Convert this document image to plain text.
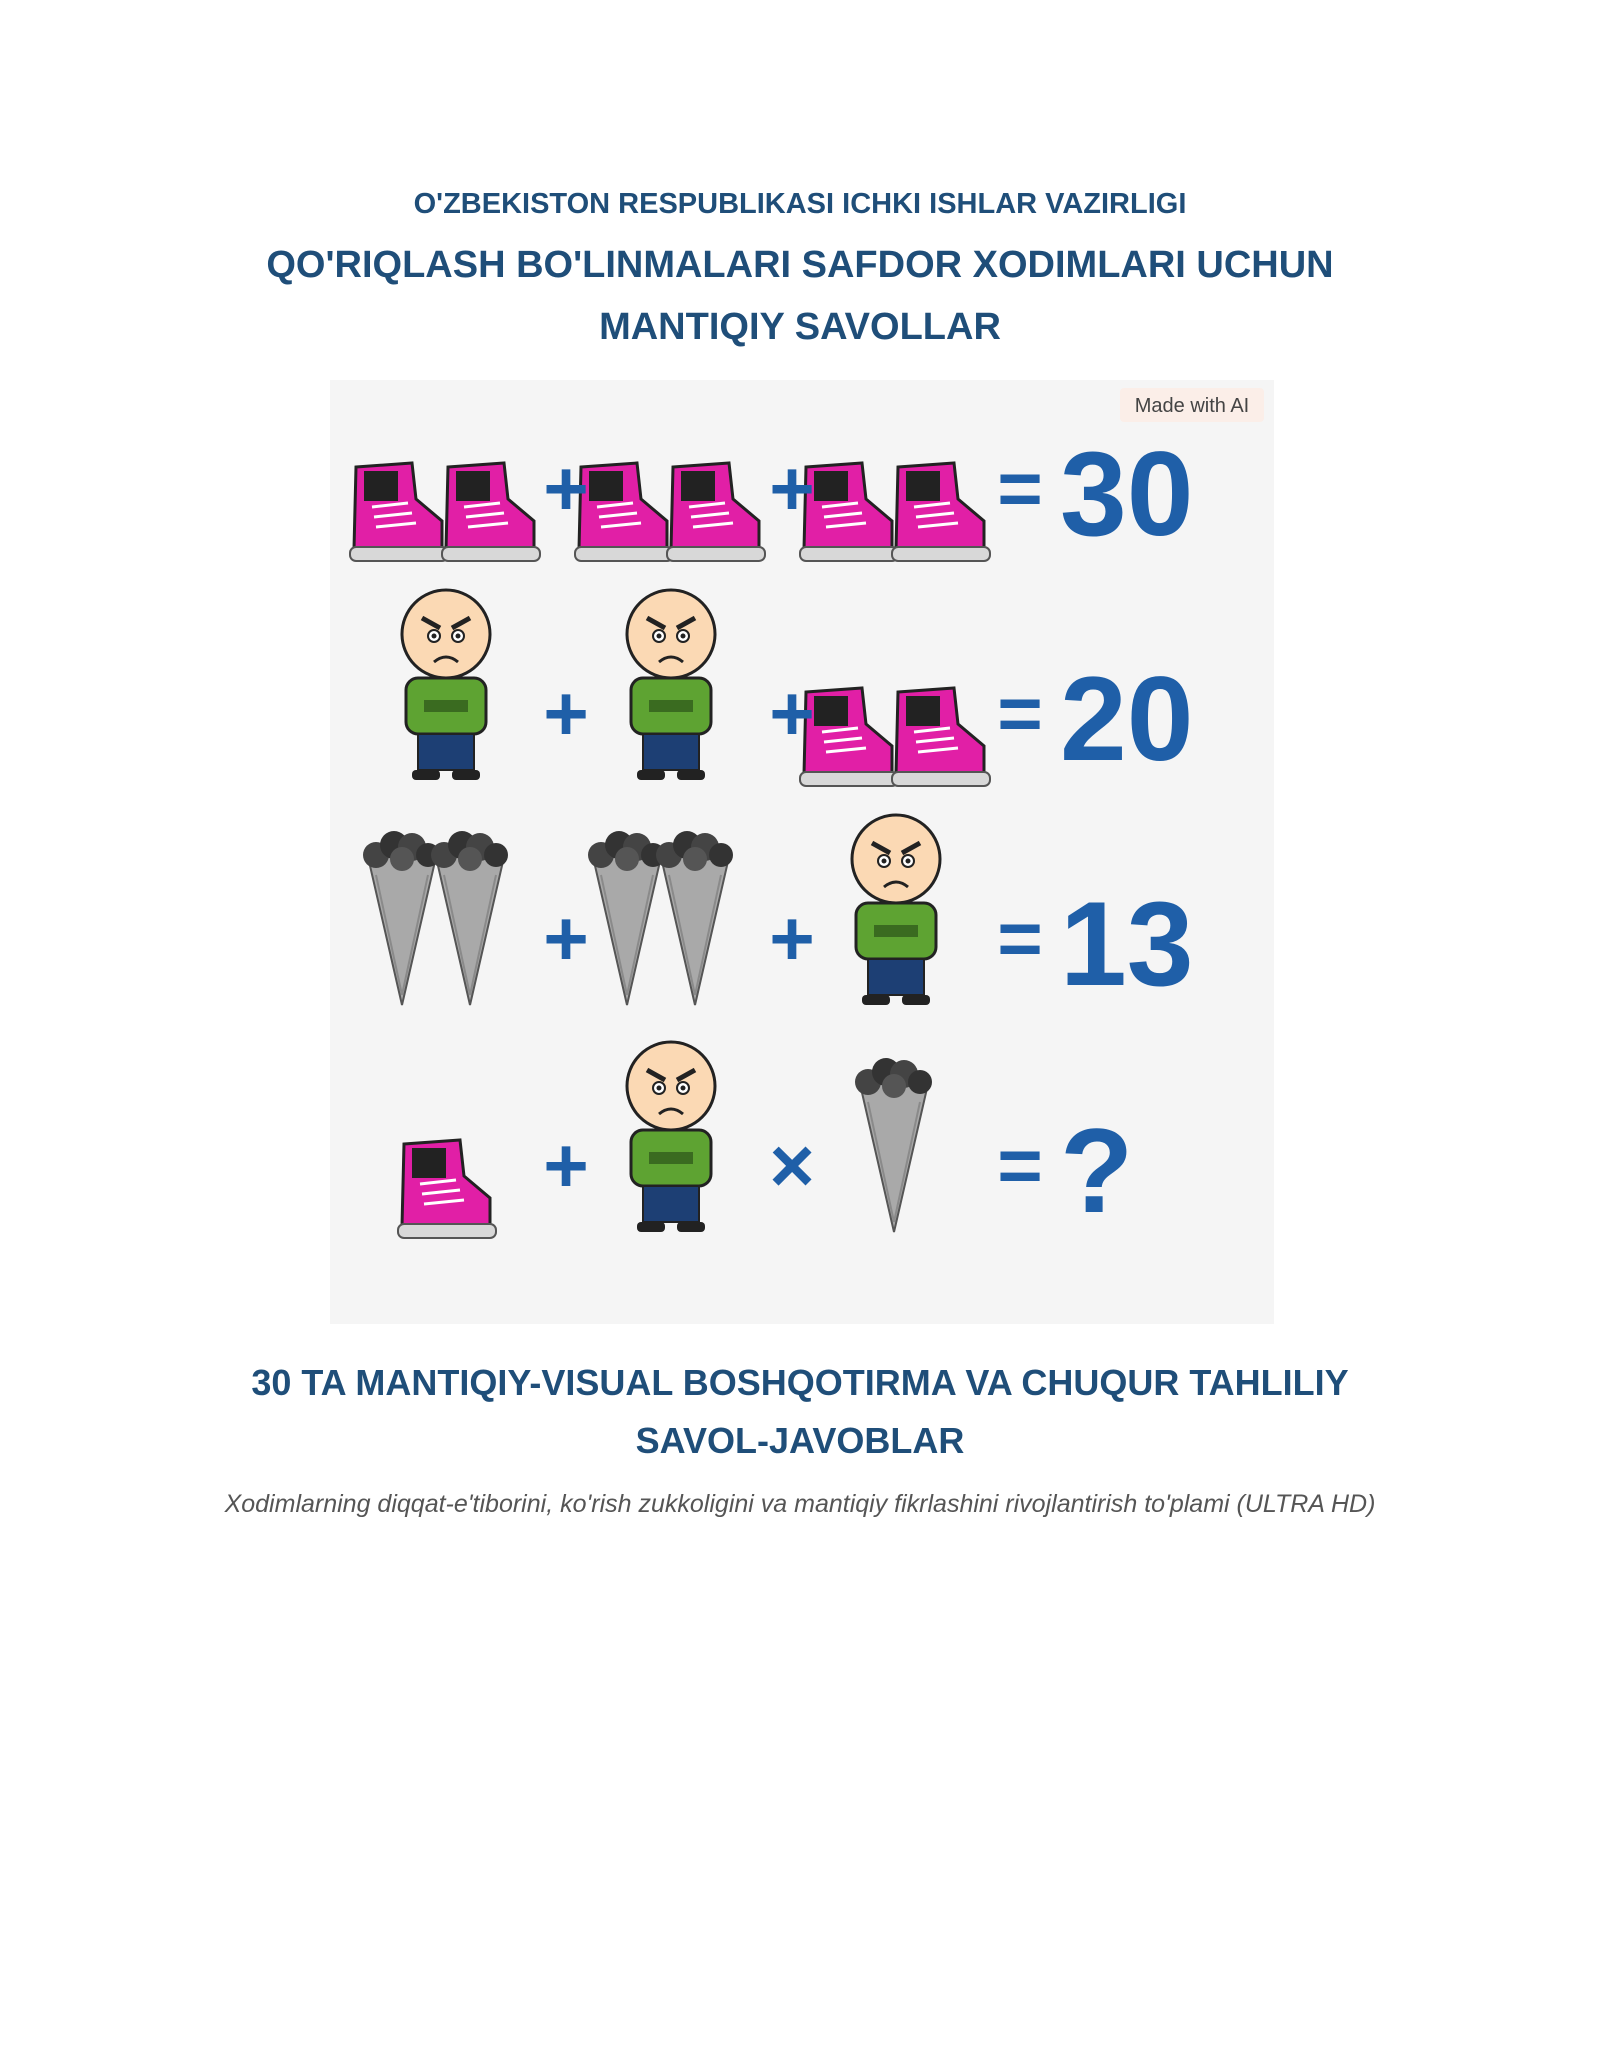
O'ZBEKISTON RESPUBLIKASI ICHKI ISHLAR VAZIRLIGI
QO'RIQLASH BO'LINMALARI SAFDOR XODIMLARI UCHUN
MANTIQIY SAVOLLAR
Made with AI
+ + = 30
+ + = 20
+ + = 13
+ × = ?
30 TA MANTIQIY-VISUAL BOSHQOTIRMA VA CHUQUR TAHLILIY
SAVOL-JAVOBLAR
Xodimlarning diqqat-e'tiborini, ko'rish zukkoligini va mantiqiy fikrlashini rivojlantirish to'plami (ULTRA HD)
